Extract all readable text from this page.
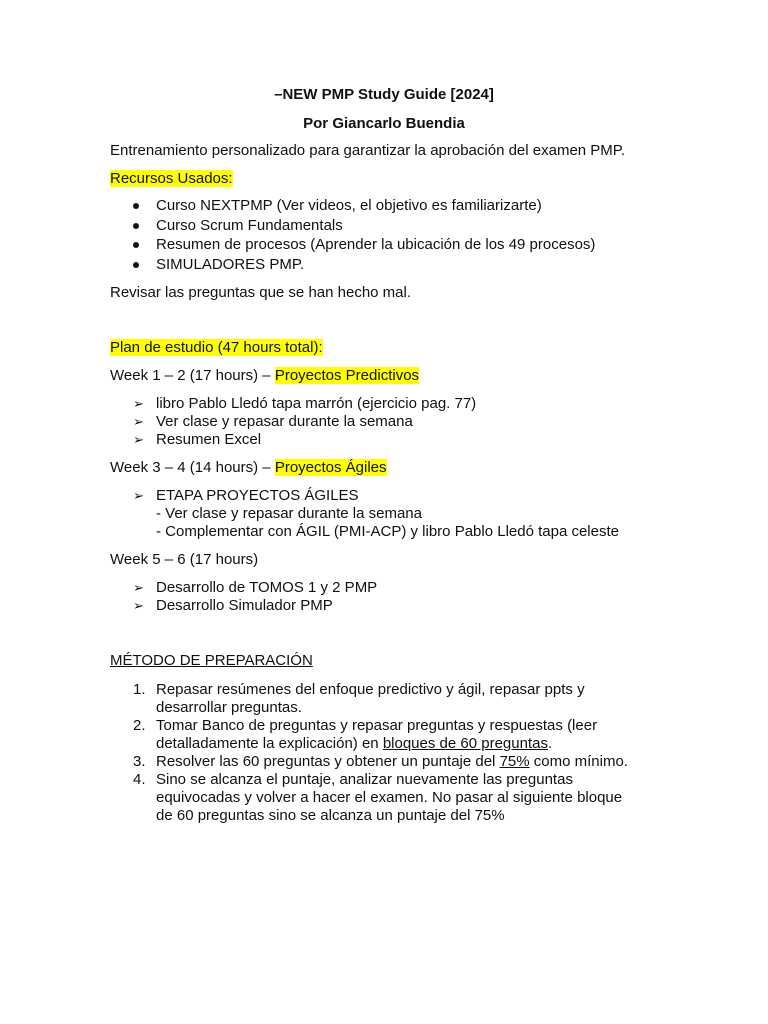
–NEW PMP Study Guide [2024]
Por Giancarlo Buendia
Entrenamiento personalizado para garantizar la aprobación del examen PMP.
Recursos Usados:
Curso NEXTPMP (Ver videos, el objetivo es familiarizarte)
Curso Scrum Fundamentals
Resumen de procesos (Aprender la ubicación de los 49 procesos)
SIMULADORES PMP.
Revisar las preguntas que se han hecho mal.
Plan de estudio (47 hours total):
Week 1 – 2 (17 hours) – Proyectos Predictivos
➢ libro Pablo Lledó tapa marrón (ejercicio pag. 77)
➢ Ver clase y repasar durante la semana
➢ Resumen Excel
Week 3 – 4 (14 hours) – Proyectos Ágiles
➢ ETAPA PROYECTOS ÁGILES
- Ver clase y repasar durante la semana
- Complementar con ÁGIL (PMI-ACP) y libro Pablo Lledó tapa celeste
Week 5 – 6 (17 hours)
➢ Desarrollo de TOMOS 1 y 2 PMP
➢ Desarrollo Simulador PMP
MÉTODO DE PREPARACIÓN
1. Repasar resúmenes del enfoque predictivo y ágil, repasar ppts y
desarrollar preguntas.
2. Tomar Banco de preguntas y repasar preguntas y respuestas (leer
detalladamente la explicación) en bloques de 60 preguntas.
3. Resolver las 60 preguntas y obtener un puntaje del 75% como mínimo.
4. Sino se alcanza el puntaje, analizar nuevamente las preguntas
equivocadas y volver a hacer el examen. No pasar al siguiente bloque
de 60 preguntas sino se alcanza un puntaje del 75%
